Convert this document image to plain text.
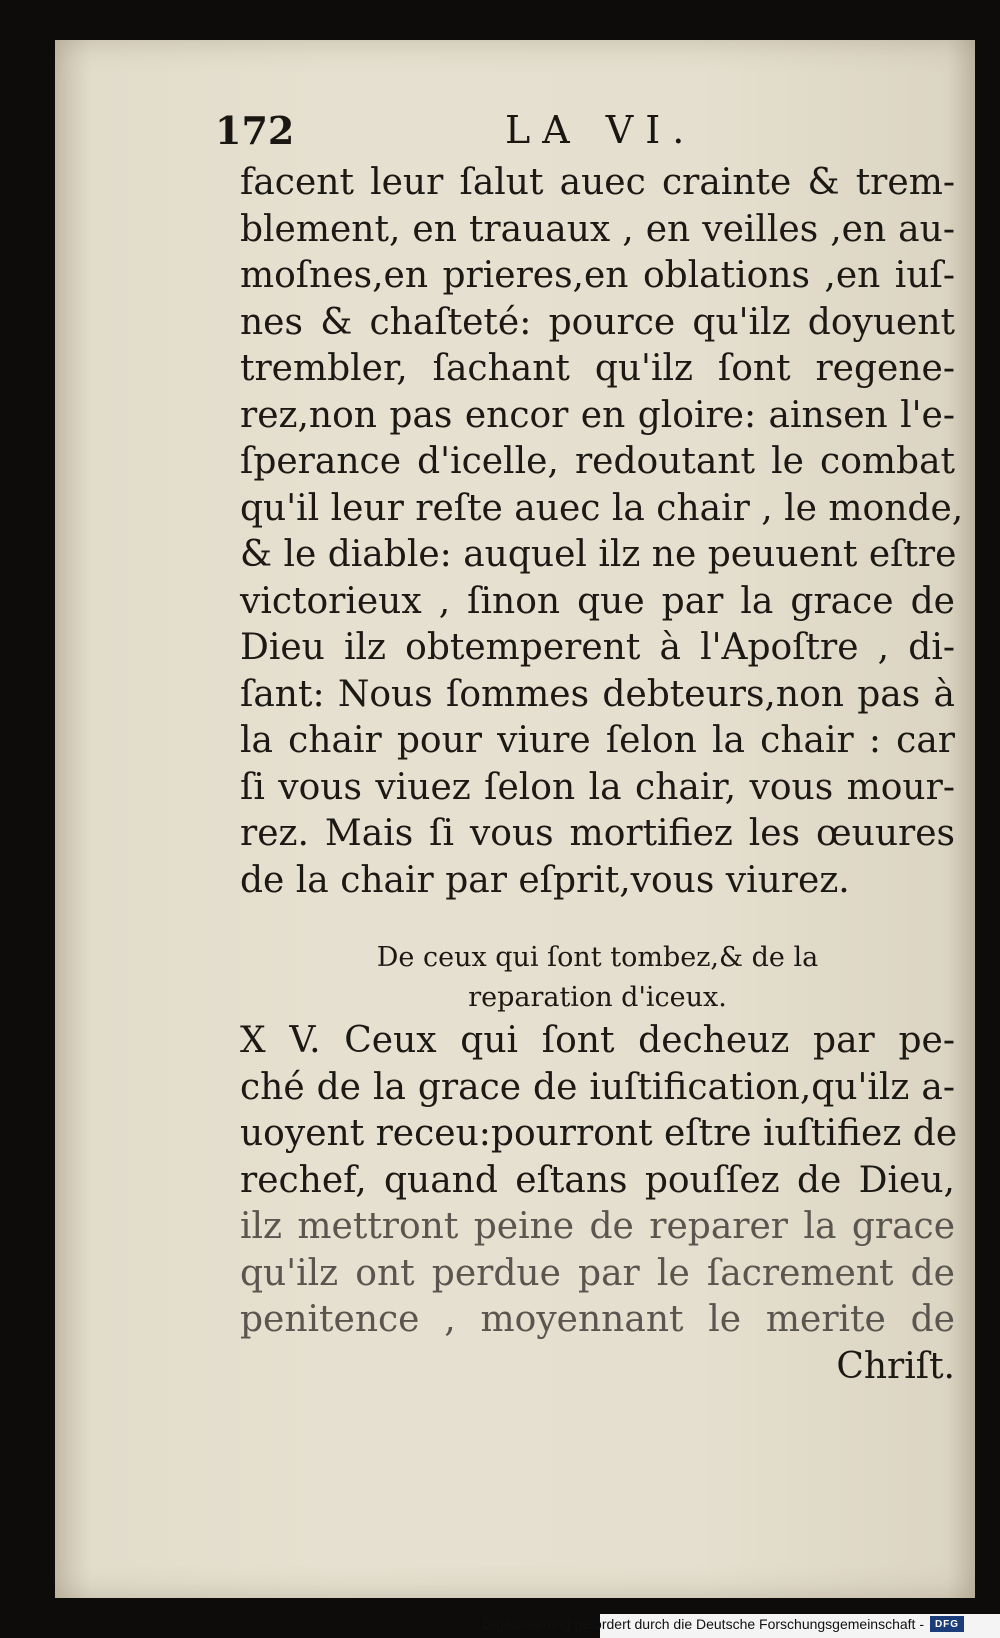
172	LA VI.
facent leur ſalut auec crainte & trem-
blement, en trauaux , en veilles ,en au-
moſnes,en prieres,en oblations ,en iuſ-
nes & chaſteté: pource qu'ilz doyuent
trembler, ſachant qu'ilz ſont regene-
rez,non pas encor en gloire: ainsen l'e-
ſperance d'icelle, redoutant le combat
qu'il leur reſte auec la chair , le monde,
& le diable: auquel ilz ne peuuent eſtre
victorieux , ſinon que par la grace de
Dieu ilz obtemperent à l'Apoſtre , di-
ſant: Nous ſommes debteurs,non pas à
la chair pour viure ſelon la chair : car
ſi vous viuez ſelon la chair, vous mour-
rez. Mais ſi vous mortifiez les œuures
de la chair par eſprit,vous viurez.
De ceux qui ſont tombez,& de la
reparation d'iceux.
X V. Ceux qui ſont decheuz par pe-
ché de la grace de iuſtification,qu'ilz a-
uoyent receu:pourront eſtre iuſtifiez de
rechef, quand eſtans pouſſez de Dieu,
ilz mettront peine de reparer la grace
qu'ilz ont perdue par le ſacrement de
penitence , moyennant le merite de
Chriſt.
Digitalisierung gefördert durch die Deutsche Forschungsgemeinschaft -	DFG
